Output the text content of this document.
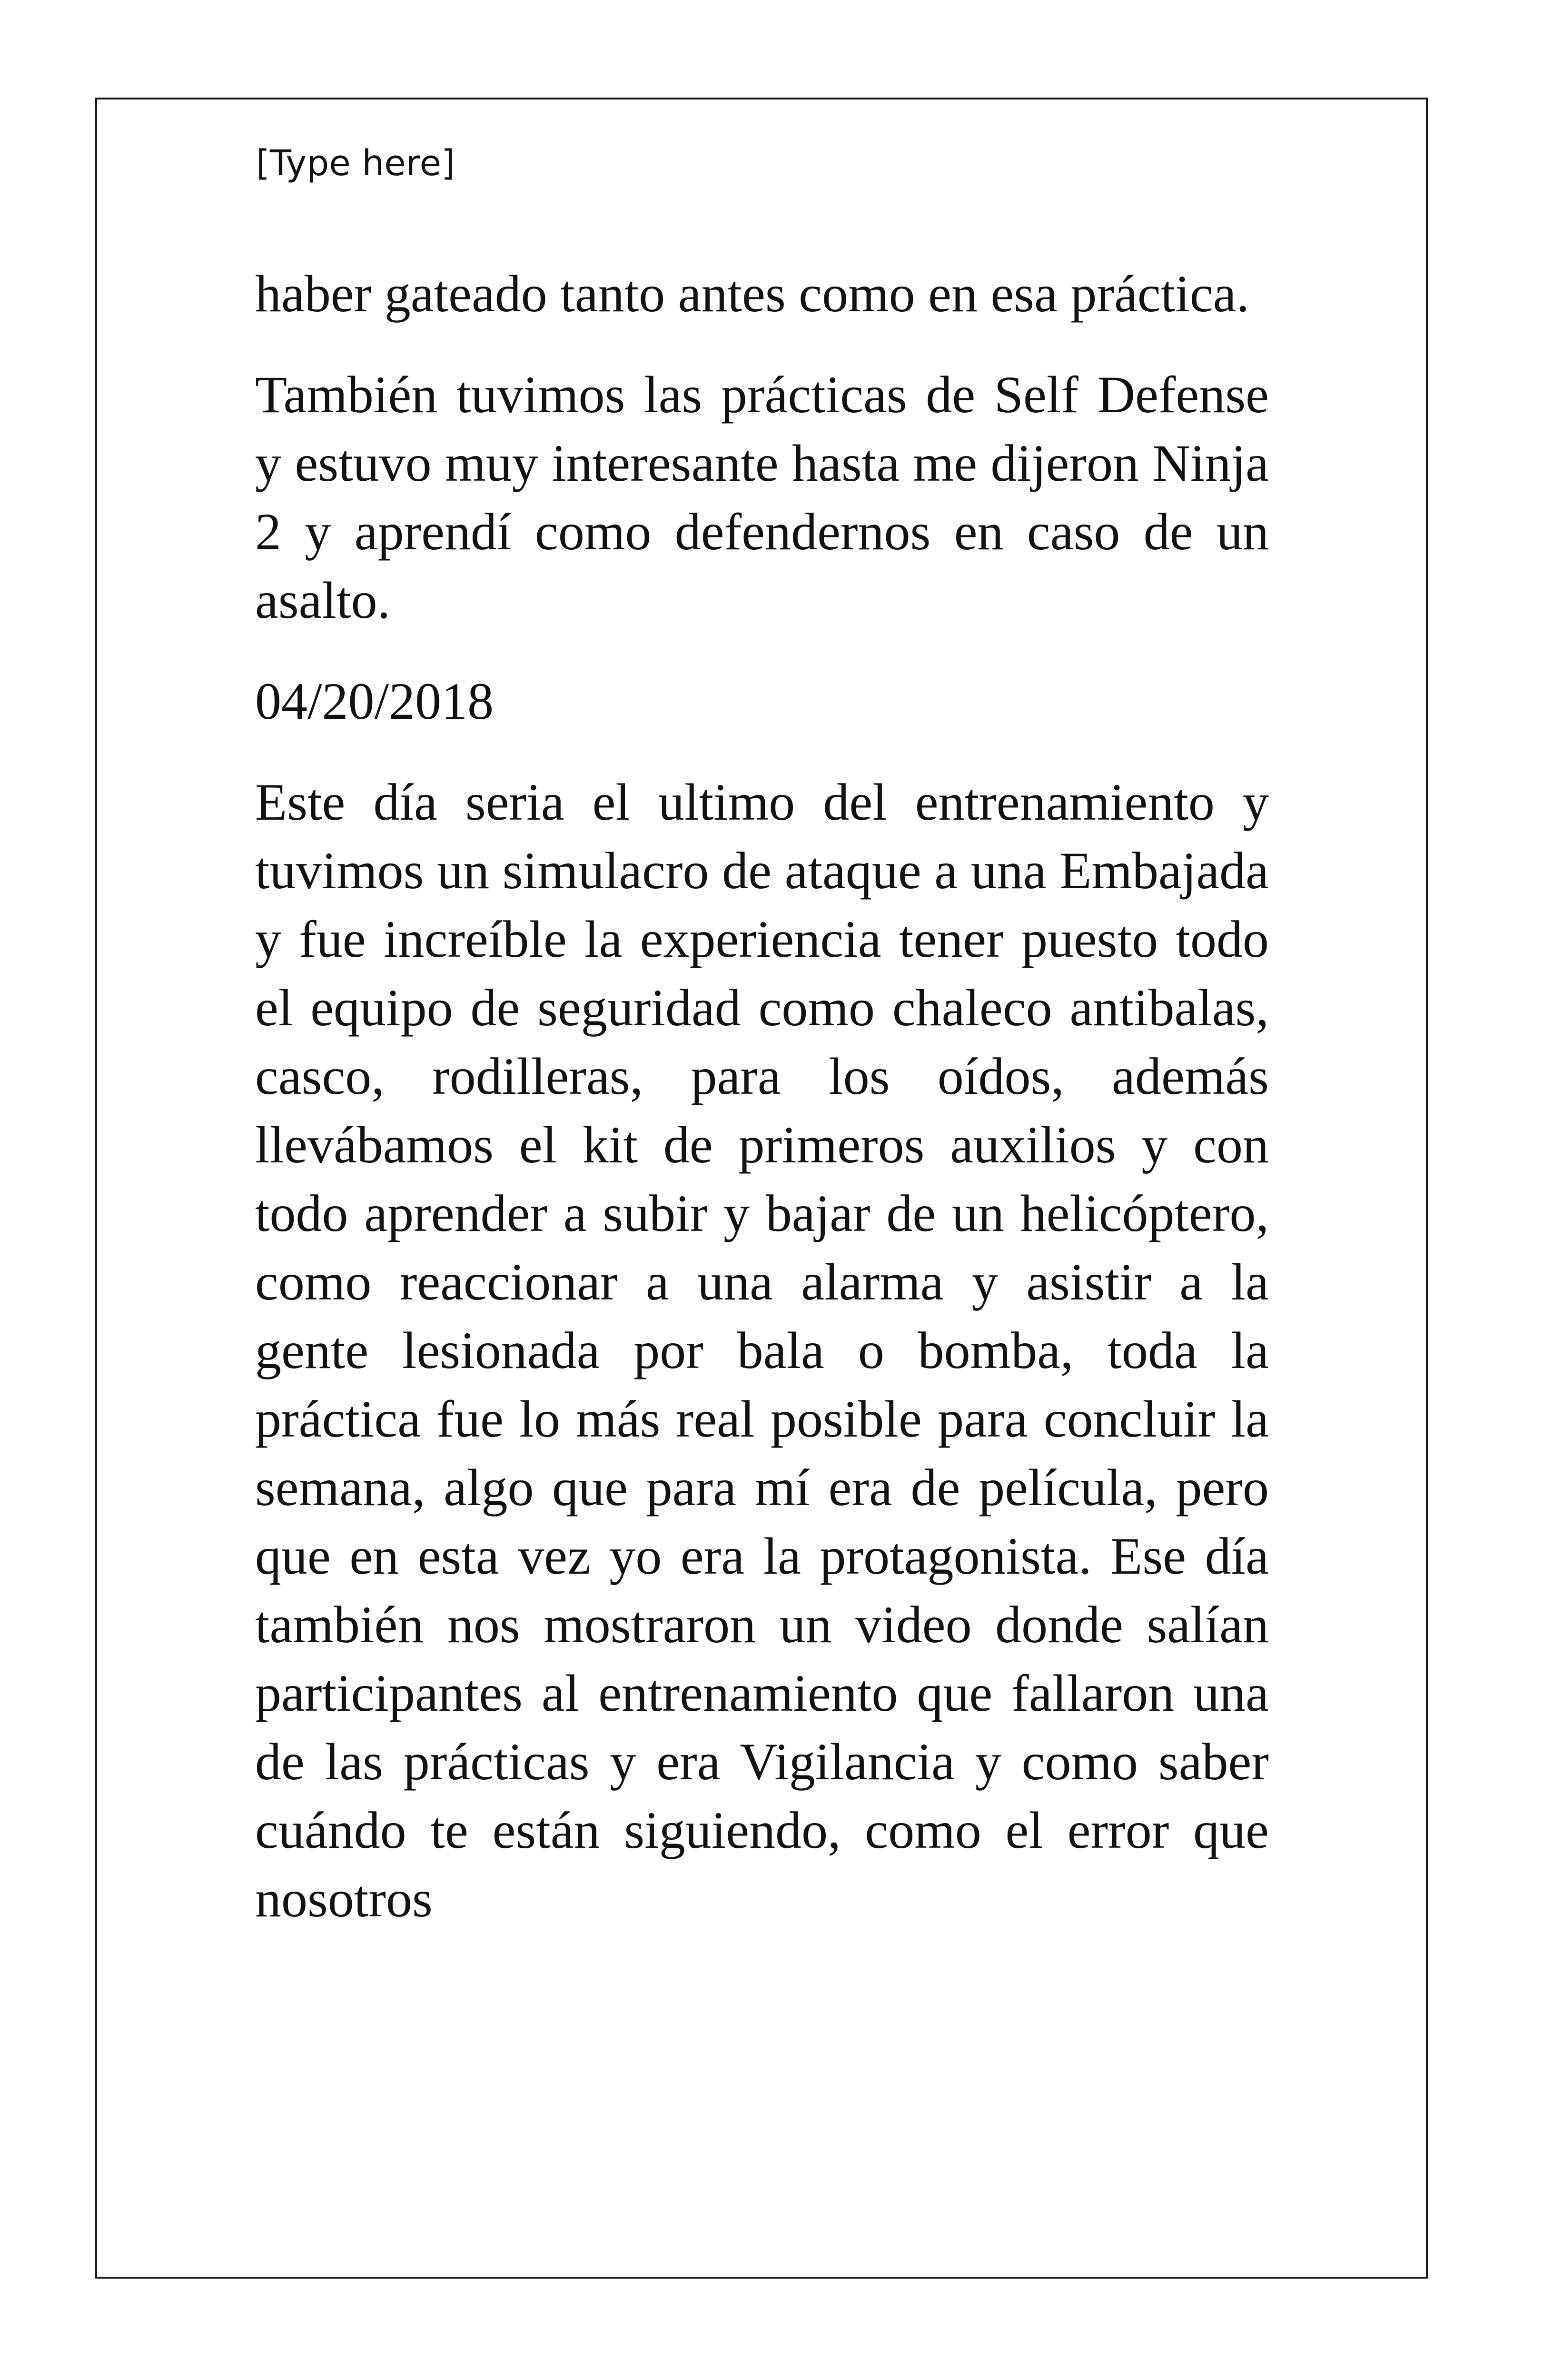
[Type here]

haber gateado tanto antes como en esa práctica.

También tuvimos las prácticas de Self Defense y estuvo muy interesante hasta me dijeron Ninja 2 y aprendí como defendernos en caso de un asalto.

04/20/2018

Este día seria el ultimo del entrenamiento y tuvimos un simulacro de ataque a una Embajada y fue increíble la experiencia tener puesto todo el equipo de seguridad como chaleco antibalas, casco, rodilleras, para los oídos, además llevábamos el kit de primeros auxilios y con todo aprender a subir y bajar de un helicóptero, como reaccionar a una alarma y asistir a la gente lesionada por bala o bomba, toda la práctica fue lo más real posible para concluir la semana, algo que para mí era de película, pero que en esta vez yo era la protagonista. Ese día también nos mostraron un video donde salían participantes al entrenamiento que fallaron una de las prácticas y era Vigilancia y como saber cuándo te están siguiendo, como el error que nosotros
